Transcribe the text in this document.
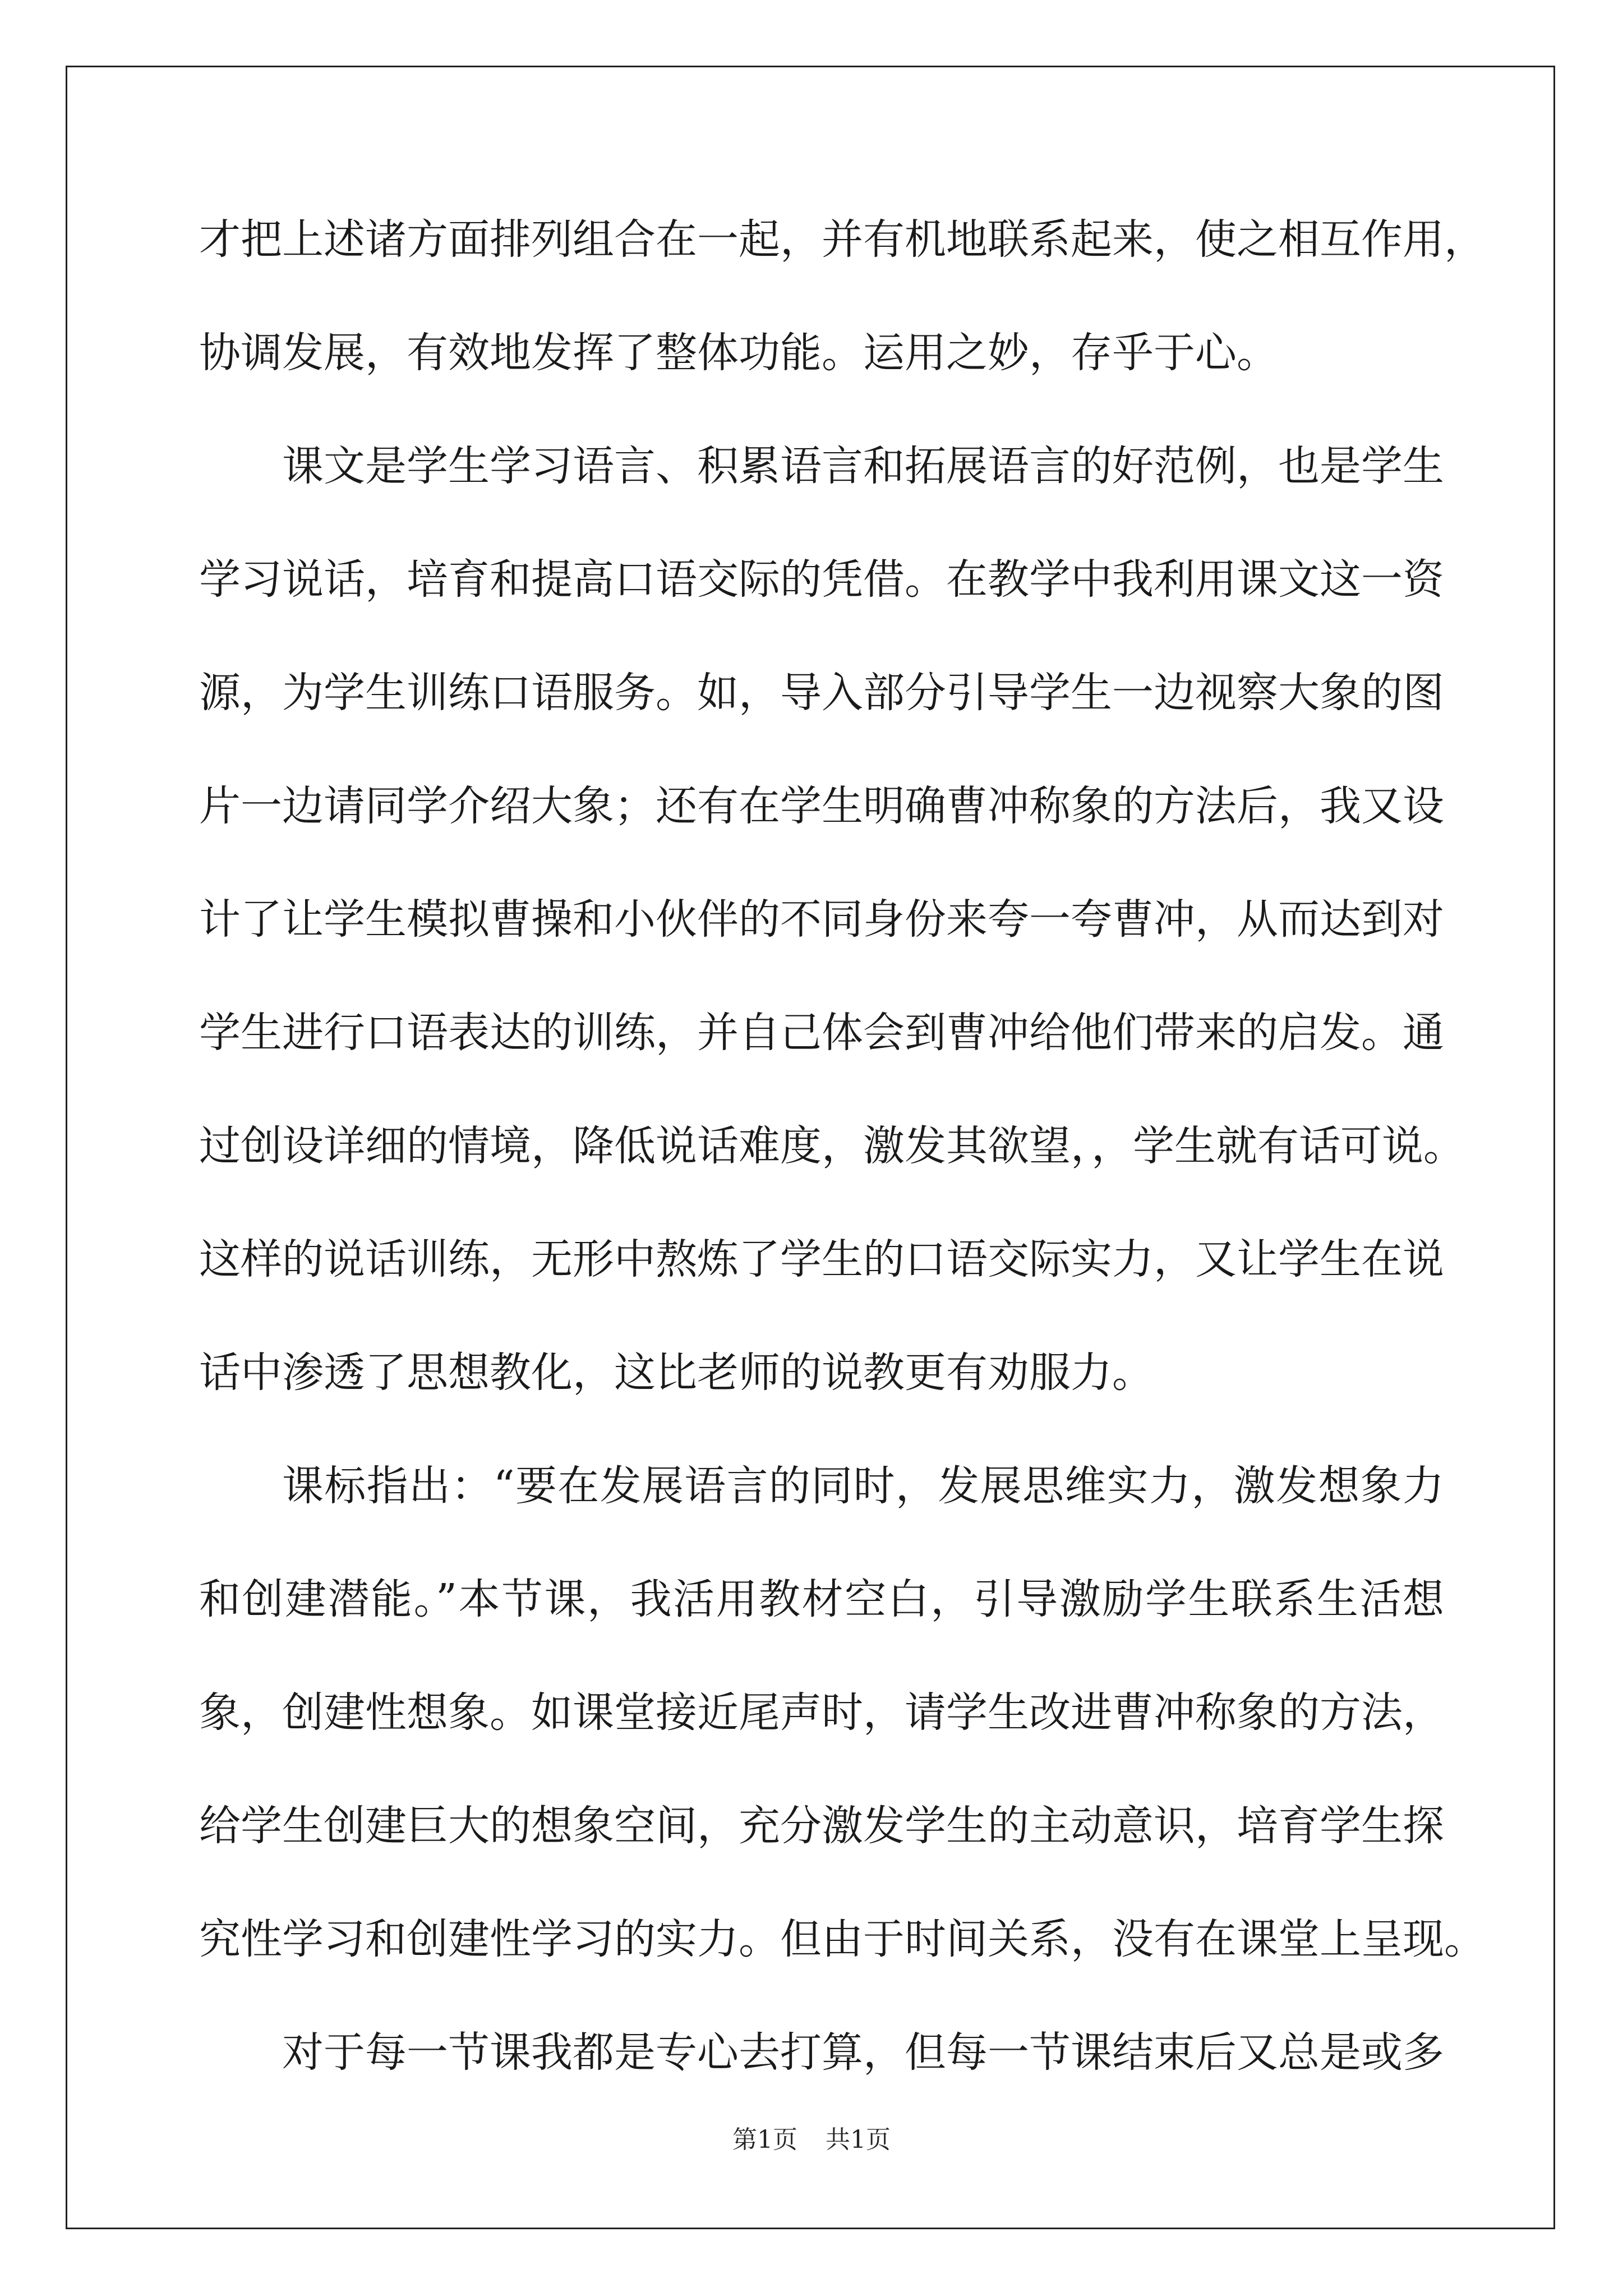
才把上述诸方面排列组合在一起，并有机地联系起来，使之相互作用，
协调发展，有效地发挥了整体功能。运用之妙，存乎于心。
课文是学生学习语言、积累语言和拓展语言的好范例，也是学生
学习说话，培育和提高口语交际的凭借。在教学中我利用课文这一资
源，为学生训练口语服务。如，导入部分引导学生一边视察大象的图
片一边请同学介绍大象；还有在学生明确曹冲称象的方法后，我又设
计了让学生模拟曹操和小伙伴的不同身份来夸一夸曹冲，从而达到对
学生进行口语表达的训练，并自己体会到曹冲给他们带来的启发。通
过创设详细的情境，降低说话难度，激发其欲望，，学生就有话可说。
这样的说话训练，无形中熬炼了学生的口语交际实力，又让学生在说
话中渗透了思想教化，这比老师的说教更有劝服力。
课标指出：“要在发展语言的同时，发展思维实力，激发想象力
和创建潜能。”本节课，我活用教材空白，引导激励学生联系生活想
象，创建性想象。如课堂接近尾声时，请学生改进曹冲称象的方法，
给学生创建巨大的想象空间，充分激发学生的主动意识，培育学生探
究性学习和创建性学习的实力。但由于时间关系，没有在课堂上呈现。
对于每一节课我都是专心去打算，但每一节课结束后又总是或多
第1页 共1页
